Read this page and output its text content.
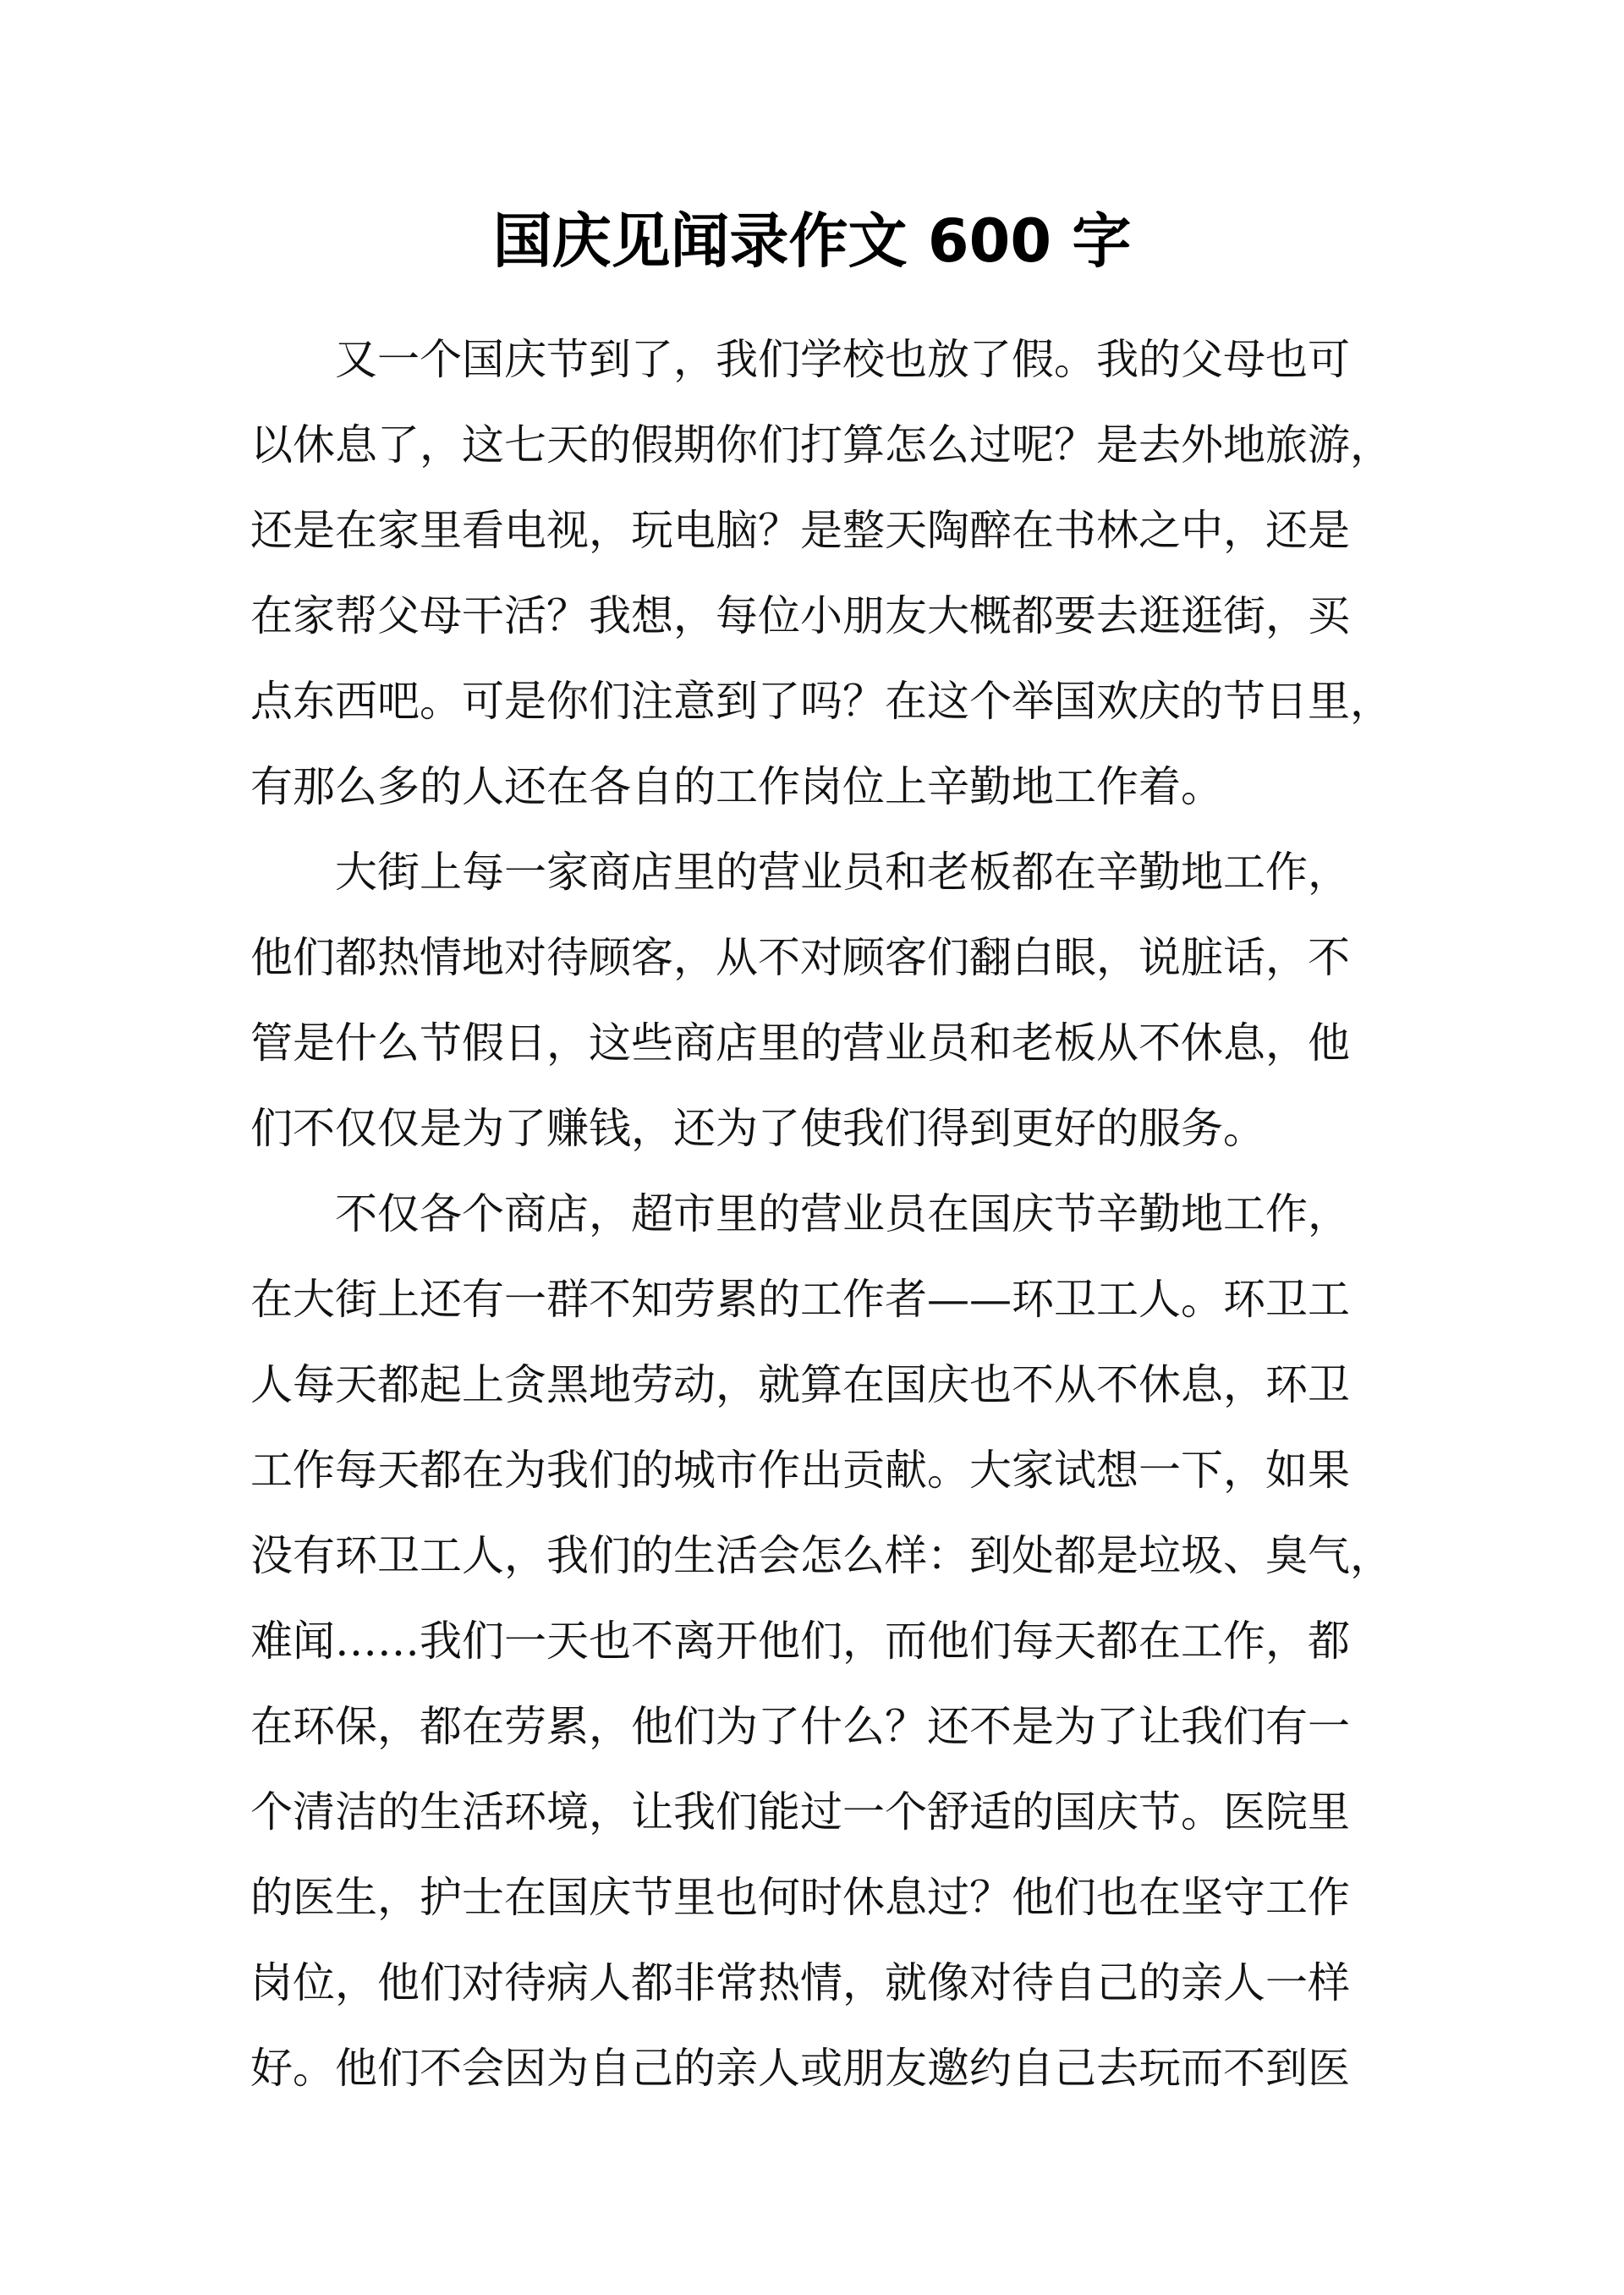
国庆见闻录作文 600 字

又一个国庆节到了，我们学校也放了假。我的父母也可
以休息了，这七天的假期你们打算怎么过呢？是去外地旅游，
还是在家里看电视，玩电脑？是整天陶醉在书林之中，还是
在家帮父母干活？我想，每位小朋友大概都要去逛逛街，买
点东西吧。可是你们注意到了吗？在这个举国欢庆的节日里，
有那么多的人还在各自的工作岗位上辛勤地工作着。

大街上每一家商店里的营业员和老板都在辛勤地工作，
他们都热情地对待顾客，从不对顾客们翻白眼，说脏话，不
管是什么节假日，这些商店里的营业员和老板从不休息，他
们不仅仅是为了赚钱，还为了使我们得到更好的服务。

不仅各个商店，超市里的营业员在国庆节辛勤地工作，
在大街上还有一群不知劳累的工作者——环卫工人。环卫工
人每天都起上贪黑地劳动，就算在国庆也不从不休息，环卫
工作每天都在为我们的城市作出贡献。大家试想一下，如果
没有环卫工人，我们的生活会怎么样：到处都是垃圾、臭气，
难闻……我们一天也不离开他们，而他们每天都在工作，都
在环保，都在劳累，他们为了什么？还不是为了让我们有一
个清洁的生活环境，让我们能过一个舒适的国庆节。医院里
的医生，护士在国庆节里也何时休息过？他们也在坚守工作
岗位，他们对待病人都非常热情，就像对待自己的亲人一样
好。他们不会因为自己的亲人或朋友邀约自己去玩而不到医
